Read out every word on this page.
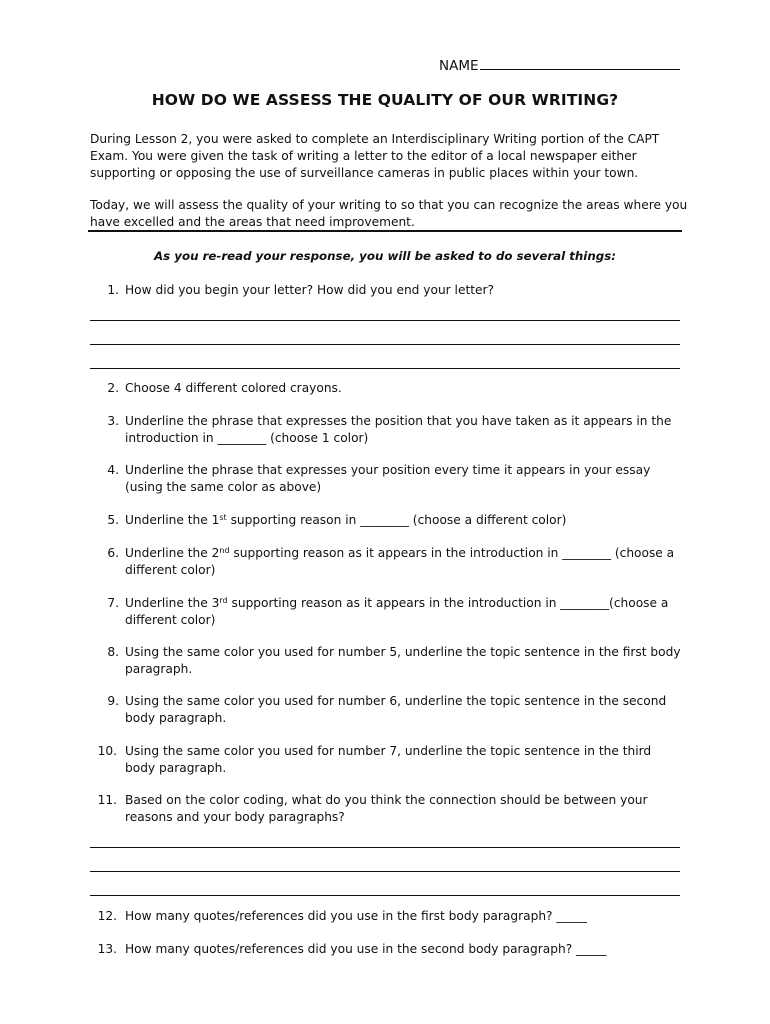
NAME
HOW DO WE ASSESS THE QUALITY OF OUR WRITING?

During Lesson 2, you were asked to complete an Interdisciplinary Writing portion of the CAPT Exam. You were given the task of writing a letter to the editor of a local newspaper either supporting or opposing the use of surveillance cameras in public places within your town.

Today, we will assess the quality of your writing to so that you can recognize the areas where you have excelled and the areas that need improvement.

As you re-read your response, you will be asked to do several things:
1. How did you begin your letter? How did you end your letter?
2. Choose 4 different colored crayons.
3. Underline the phrase that expresses the position that you have taken as it appears in the introduction in ________ (choose 1 color)
4. Underline the phrase that expresses your position every time it appears in your essay (using the same color as above)
5. Underline the 1st supporting reason in ________ (choose a different color)
6. Underline the 2nd supporting reason as it appears in the introduction in ________ (choose a different color)
7. Underline the 3rd supporting reason as it appears in the introduction in ________(choose a different color)
8. Using the same color you used for number 5, underline the topic sentence in the first body paragraph.
9. Using the same color you used for number 6, underline the topic sentence in the second body paragraph.
10. Using the same color you used for number 7, underline the topic sentence in the third body paragraph.
11. Based on the color coding, what do you think the connection should be between your reasons and your body paragraphs?
12. How many quotes/references did you use in the first body paragraph? _____
13. How many quotes/references did you use in the second body paragraph? _____
